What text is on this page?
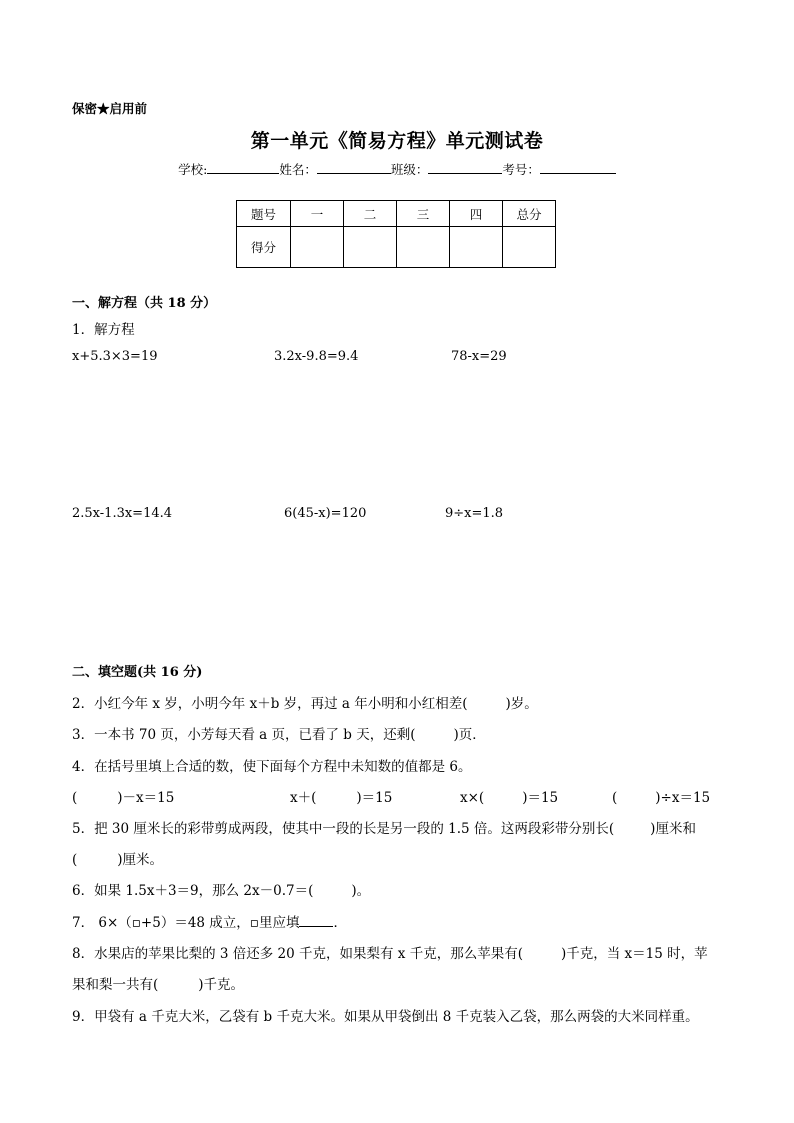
保密★启用前
第一单元《简易方程》单元测试卷
学校:	姓名：	班级：	考号：
题号	一	二	三	四	总分
得分					
一、解方程（共 18 分）
1．解方程
x+5.3×3=19	3.2x-9.8=9.4	78-x=29
2.5x-1.3x=14.4	6(45-x)=120	9÷x=1.8
二、填空题(共 16 分)
2．小红今年 x 岁，小明今年 x＋b 岁，再过 a 年小明和小红相差(	)岁。
3．一本书 70 页，小芳每天看 a 页，已看了 b 天，还剩(	)页．
4．在括号里填上合适的数，使下面每个方程中未知数的值都是 6。
(	)－x＝15	x＋(	)＝15	x×(	)＝15	(	)÷x＝15
5．把 30 厘米长的彩带剪成两段，使其中一段的长是另一段的 1.5 倍。这两段彩带分别长(	)厘米和
(	)厘米。
6．如果 1.5x＋3＝9，那么 2x－0.7＝(	)。
7． 6×（▫+5）＝48 成立，▫里应填	．
8．水果店的苹果比梨的 3 倍还多 20 千克，如果梨有 x 千克，那么苹果有(	)千克，当 x＝15 时，苹
果和梨一共有(	)千克。
9．甲袋有 a 千克大米，乙袋有 b 千克大米。如果从甲袋倒出 8 千克装入乙袋，那么两袋的大米同样重。
